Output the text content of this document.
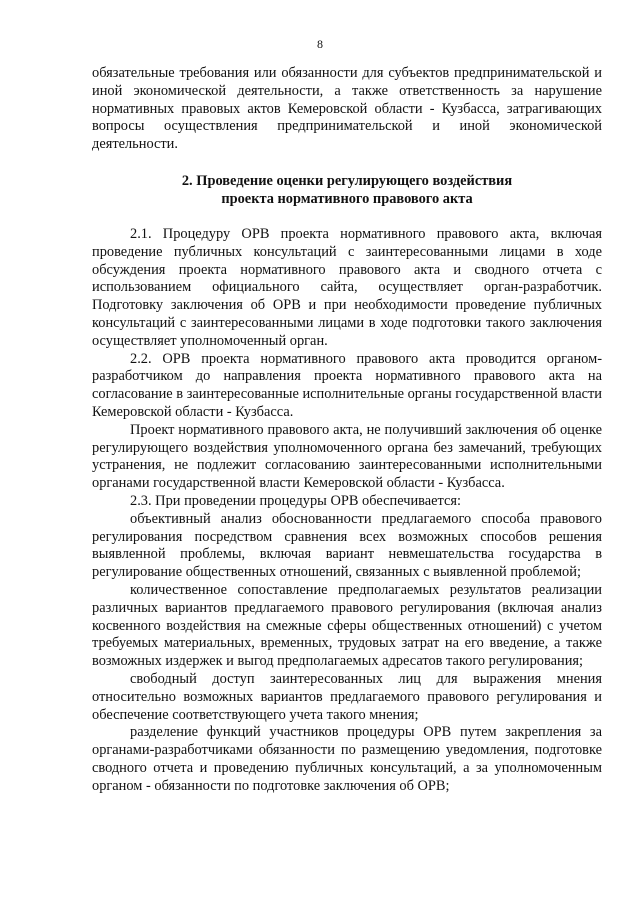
8

обязательные требования или обязанности для субъектов предпринимательской и иной экономической деятельности, а также ответственность за нарушение нормативных правовых актов Кемеровской области - Кузбасса, затрагивающих вопросы осуществления предпринимательской и иной экономической деятельности.

2. Проведение оценки регулирующего воздействия
проекта нормативного правового акта

2.1. Процедуру ОРВ проекта нормативного правового акта, включая проведение публичных консультаций с заинтересованными лицами в ходе обсуждения проекта нормативного правового акта и сводного отчета с использованием официального сайта, осуществляет орган-разработчик. Подготовку заключения об ОРВ и при необходимости проведение публичных консультаций с заинтересованными лицами в ходе подготовки такого заключения осуществляет уполномоченный орган.

2.2. ОРВ проекта нормативного правового акта проводится органом-разработчиком до направления проекта нормативного правового акта на согласование в заинтересованные исполнительные органы государственной власти Кемеровской области - Кузбасса.

Проект нормативного правового акта, не получивший заключения об оценке регулирующего воздействия уполномоченного органа без замечаний, требующих устранения, не подлежит согласованию заинтересованными исполнительными органами государственной власти Кемеровской области - Кузбасса.

2.3. При проведении процедуры ОРВ обеспечивается:

объективный анализ обоснованности предлагаемого способа правового регулирования посредством сравнения всех возможных способов решения выявленной проблемы, включая вариант невмешательства государства в регулирование общественных отношений, связанных с выявленной проблемой;

количественное сопоставление предполагаемых результатов реализации различных вариантов предлагаемого правового регулирования (включая анализ косвенного воздействия на смежные сферы общественных отношений) с учетом требуемых материальных, временных, трудовых затрат на его введение, а также возможных издержек и выгод предполагаемых адресатов такого регулирования;

свободный доступ заинтересованных лиц для выражения мнения относительно возможных вариантов предлагаемого правового регулирования и обеспечение соответствующего учета такого мнения;

разделение функций участников процедуры ОРВ путем закрепления за органами-разработчиками обязанности по размещению уведомления, подготовке сводного отчета и проведению публичных консультаций, а за уполномоченным органом - обязанности по подготовке заключения об ОРВ;
